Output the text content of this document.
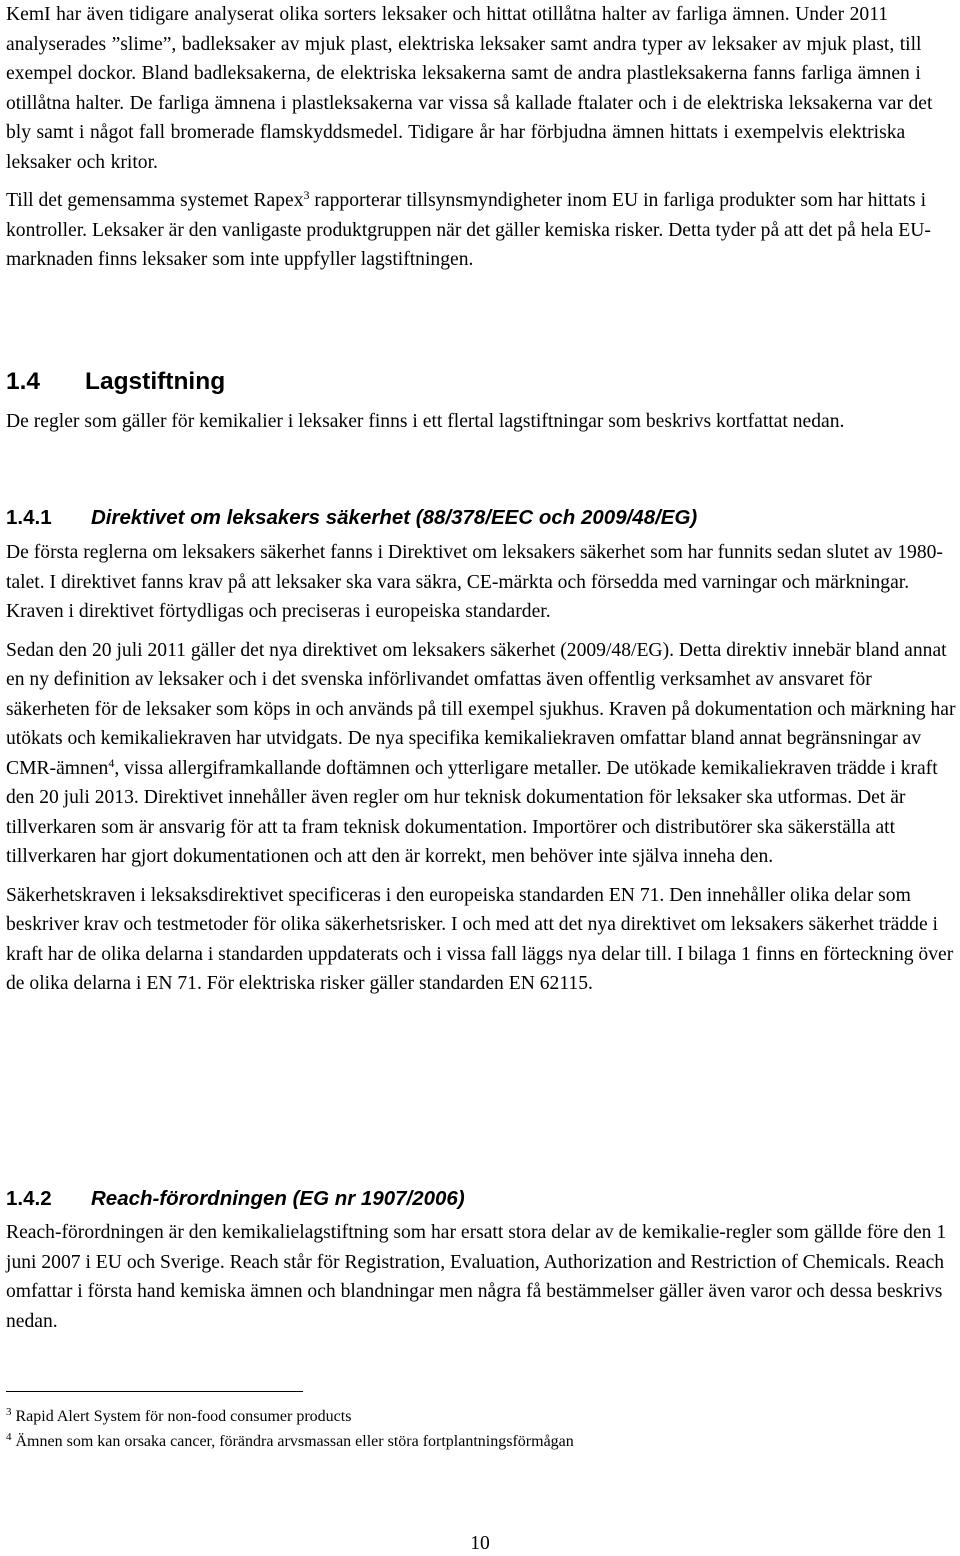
KemI har även tidigare analyserat olika sorters leksaker och hittat otillåtna halter av farliga ämnen. Under 2011 analyserades ”slime”, badleksaker av mjuk plast, elektriska leksaker samt andra typer av leksaker av mjuk plast, till exempel dockor. Bland badleksakerna, de elektriska leksakerna samt de andra plastleksakerna fanns farliga ämnen i otillåtna halter. De farliga ämnena i plastleksakerna var vissa så kallade ftalater och i de elektriska leksakerna var det bly samt i något fall bromerade flamskyddsmedel. Tidigare år har förbjudna ämnen hittats i exempelvis elektriska leksaker och kritor.

Till det gemensamma systemet Rapex$^3$ rapporterar tillsynsmyndigheter inom EU in farliga produkter som har hittats i kontroller. Leksaker är den vanligaste produktgruppen när det gäller kemiska risker. Detta tyder på att det på hela EU-marknaden finns leksaker som inte uppfyller lagstiftningen.

1.4 Lagstiftning

De regler som gäller för kemikalier i leksaker finns i ett flertal lagstiftningar som beskrivs kortfattat nedan.

1.4.1 Direktivet om leksakers säkerhet (88/378/EEC och 2009/48/EG)

De första reglerna om leksakers säkerhet fanns i Direktivet om leksakers säkerhet som har funnits sedan slutet av 1980-talet. I direktivet fanns krav på att leksaker ska vara säkra, CE-märkta och försedda med varningar och märkningar. Kraven i direktivet förtydligas och preciseras i europeiska standarder.

Sedan den 20 juli 2011 gäller det nya direktivet om leksakers säkerhet (2009/48/EG). Detta direktiv innebär bland annat en ny definition av leksaker och i det svenska införlivandet omfattas även offentlig verksamhet av ansvaret för säkerheten för de leksaker som köps in och används på till exempel sjukhus. Kraven på dokumentation och märkning har utökats och kemikaliekraven har utvidgats. De nya specifika kemikaliekraven omfattar bland annat begränsningar av CMR-ämnen$^4$, vissa allergiframkallande doftämnen och ytterligare metaller. De utökade kemikaliekraven trädde i kraft den 20 juli 2013. Direktivet innehåller även regler om hur teknisk dokumentation för leksaker ska utformas. Det är tillverkaren som är ansvarig för att ta fram teknisk dokumentation. Importörer och distributörer ska säkerställa att tillverkaren har gjort dokumentationen och att den är korrekt, men behöver inte själva inneha den.

Säkerhetskraven i leksaksdirektivet specificeras i den europeiska standarden EN 71. Den innehåller olika delar som beskriver krav och testmetoder för olika säkerhetsrisker. I och med att det nya direktivet om leksakers säkerhet trädde i kraft har de olika delarna i standarden uppdaterats och i vissa fall läggs nya delar till. I bilaga 1 finns en förteckning över de olika delarna i EN 71. För elektriska risker gäller standarden EN 62115.

1.4.2 Reach-förordningen (EG nr 1907/2006)

Reach-förordningen är den kemikalielagstiftning som har ersatt stora delar av de kemikalie-regler som gällde före den 1 juni 2007 i EU och Sverige. Reach står för Registration, Evaluation, Authorization and Restriction of Chemicals. Reach omfattar i första hand kemiska ämnen och blandningar men några få bestämmelser gäller även varor och dessa beskrivs nedan.

$^3$ Rapid Alert System för non-food consumer products

$^4$ Ämnen som kan orsaka cancer, förändra arvsmassan eller störa fortplantningsförmågan

10
